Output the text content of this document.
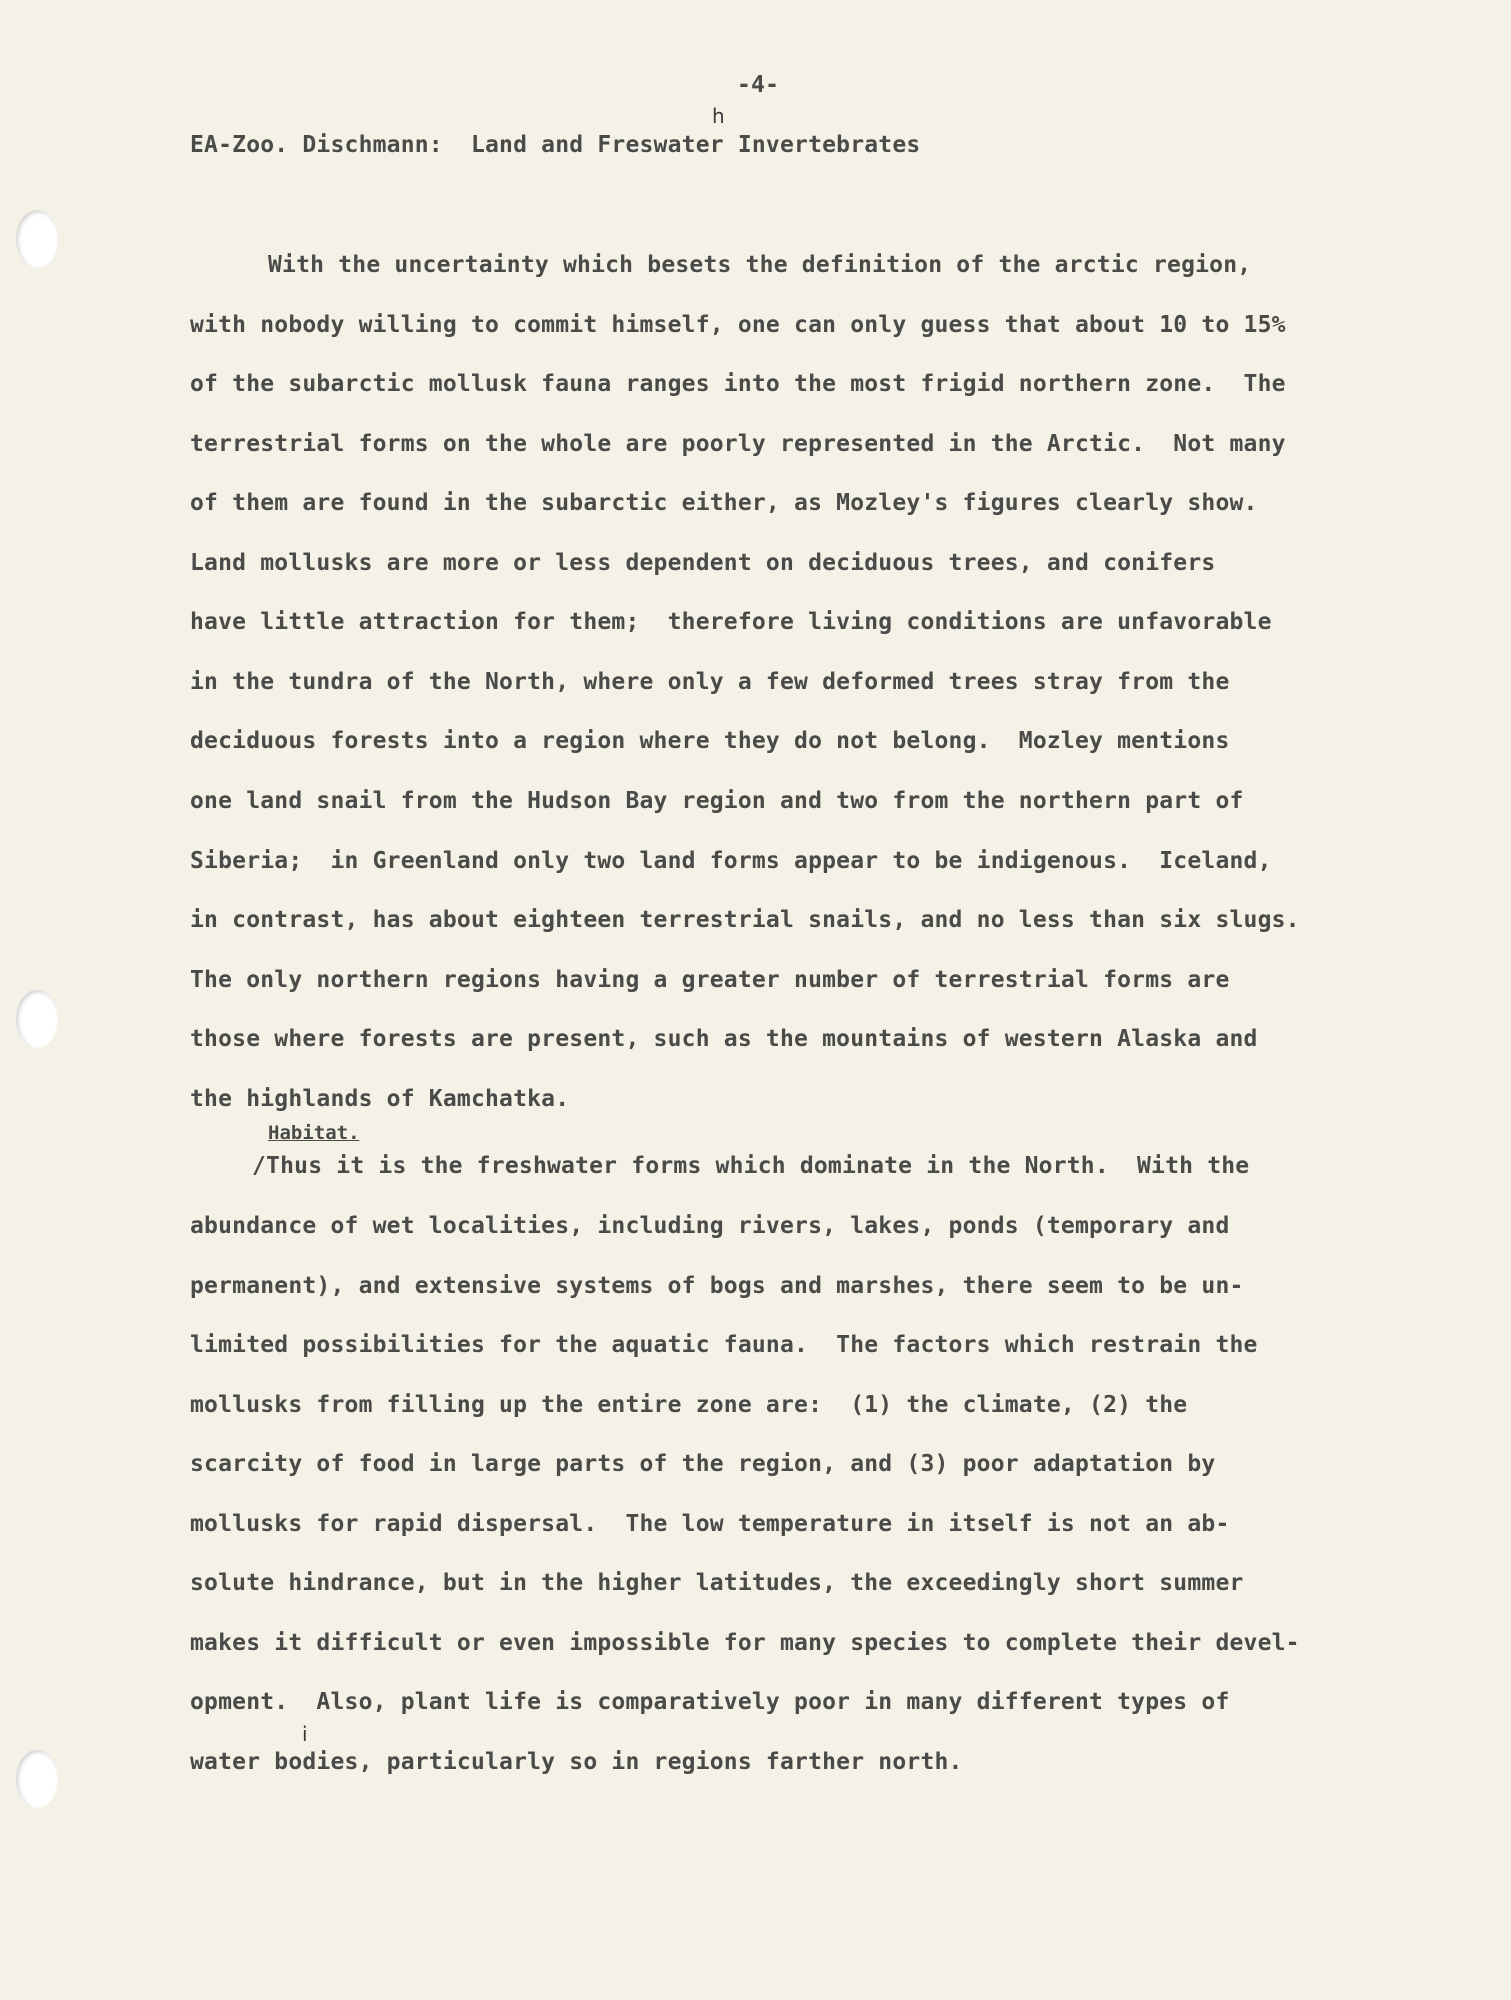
-4-
h
EA-Zoo. Dischmann:  Land and Freswater Invertebrates
With the uncertainty which besets the definition of the arctic region,
with nobody willing to commit himself, one can only guess that about 10 to 15%
of the subarctic mollusk fauna ranges into the most frigid northern zone.  The
terrestrial forms on the whole are poorly represented in the Arctic.  Not many
of them are found in the subarctic either, as Mozley's figures clearly show.
Land mollusks are more or less dependent on deciduous trees, and conifers
have little attraction for them;  therefore living conditions are unfavorable
in the tundra of the North, where only a few deformed trees stray from the
deciduous forests into a region where they do not belong.  Mozley mentions
one land snail from the Hudson Bay region and two from the northern part of
Siberia;  in Greenland only two land forms appear to be indigenous.  Iceland,
in contrast, has about eighteen terrestrial snails, and no less than six slugs.
The only northern regions having a greater number of terrestrial forms are
those where forests are present, such as the mountains of western Alaska and
the highlands of Kamchatka.
Habitat.
/Thus it is the freshwater forms which dominate in the North.  With the
abundance of wet localities, including rivers, lakes, ponds (temporary and
permanent), and extensive systems of bogs and marshes, there seem to be un-
limited possibilities for the aquatic fauna.  The factors which restrain the
mollusks from filling up the entire zone are:  (1) the climate, (2) the
scarcity of food in large parts of the region, and (3) poor adaptation by
mollusks for rapid dispersal.  The low temperature in itself is not an ab-
solute hindrance, but in the higher latitudes, the exceedingly short summer
makes it difficult or even impossible for many species to complete their devel-
opment.  Also, plant life is comparatively poor in many different types of
i
water bodies, particularly so in regions farther north.
